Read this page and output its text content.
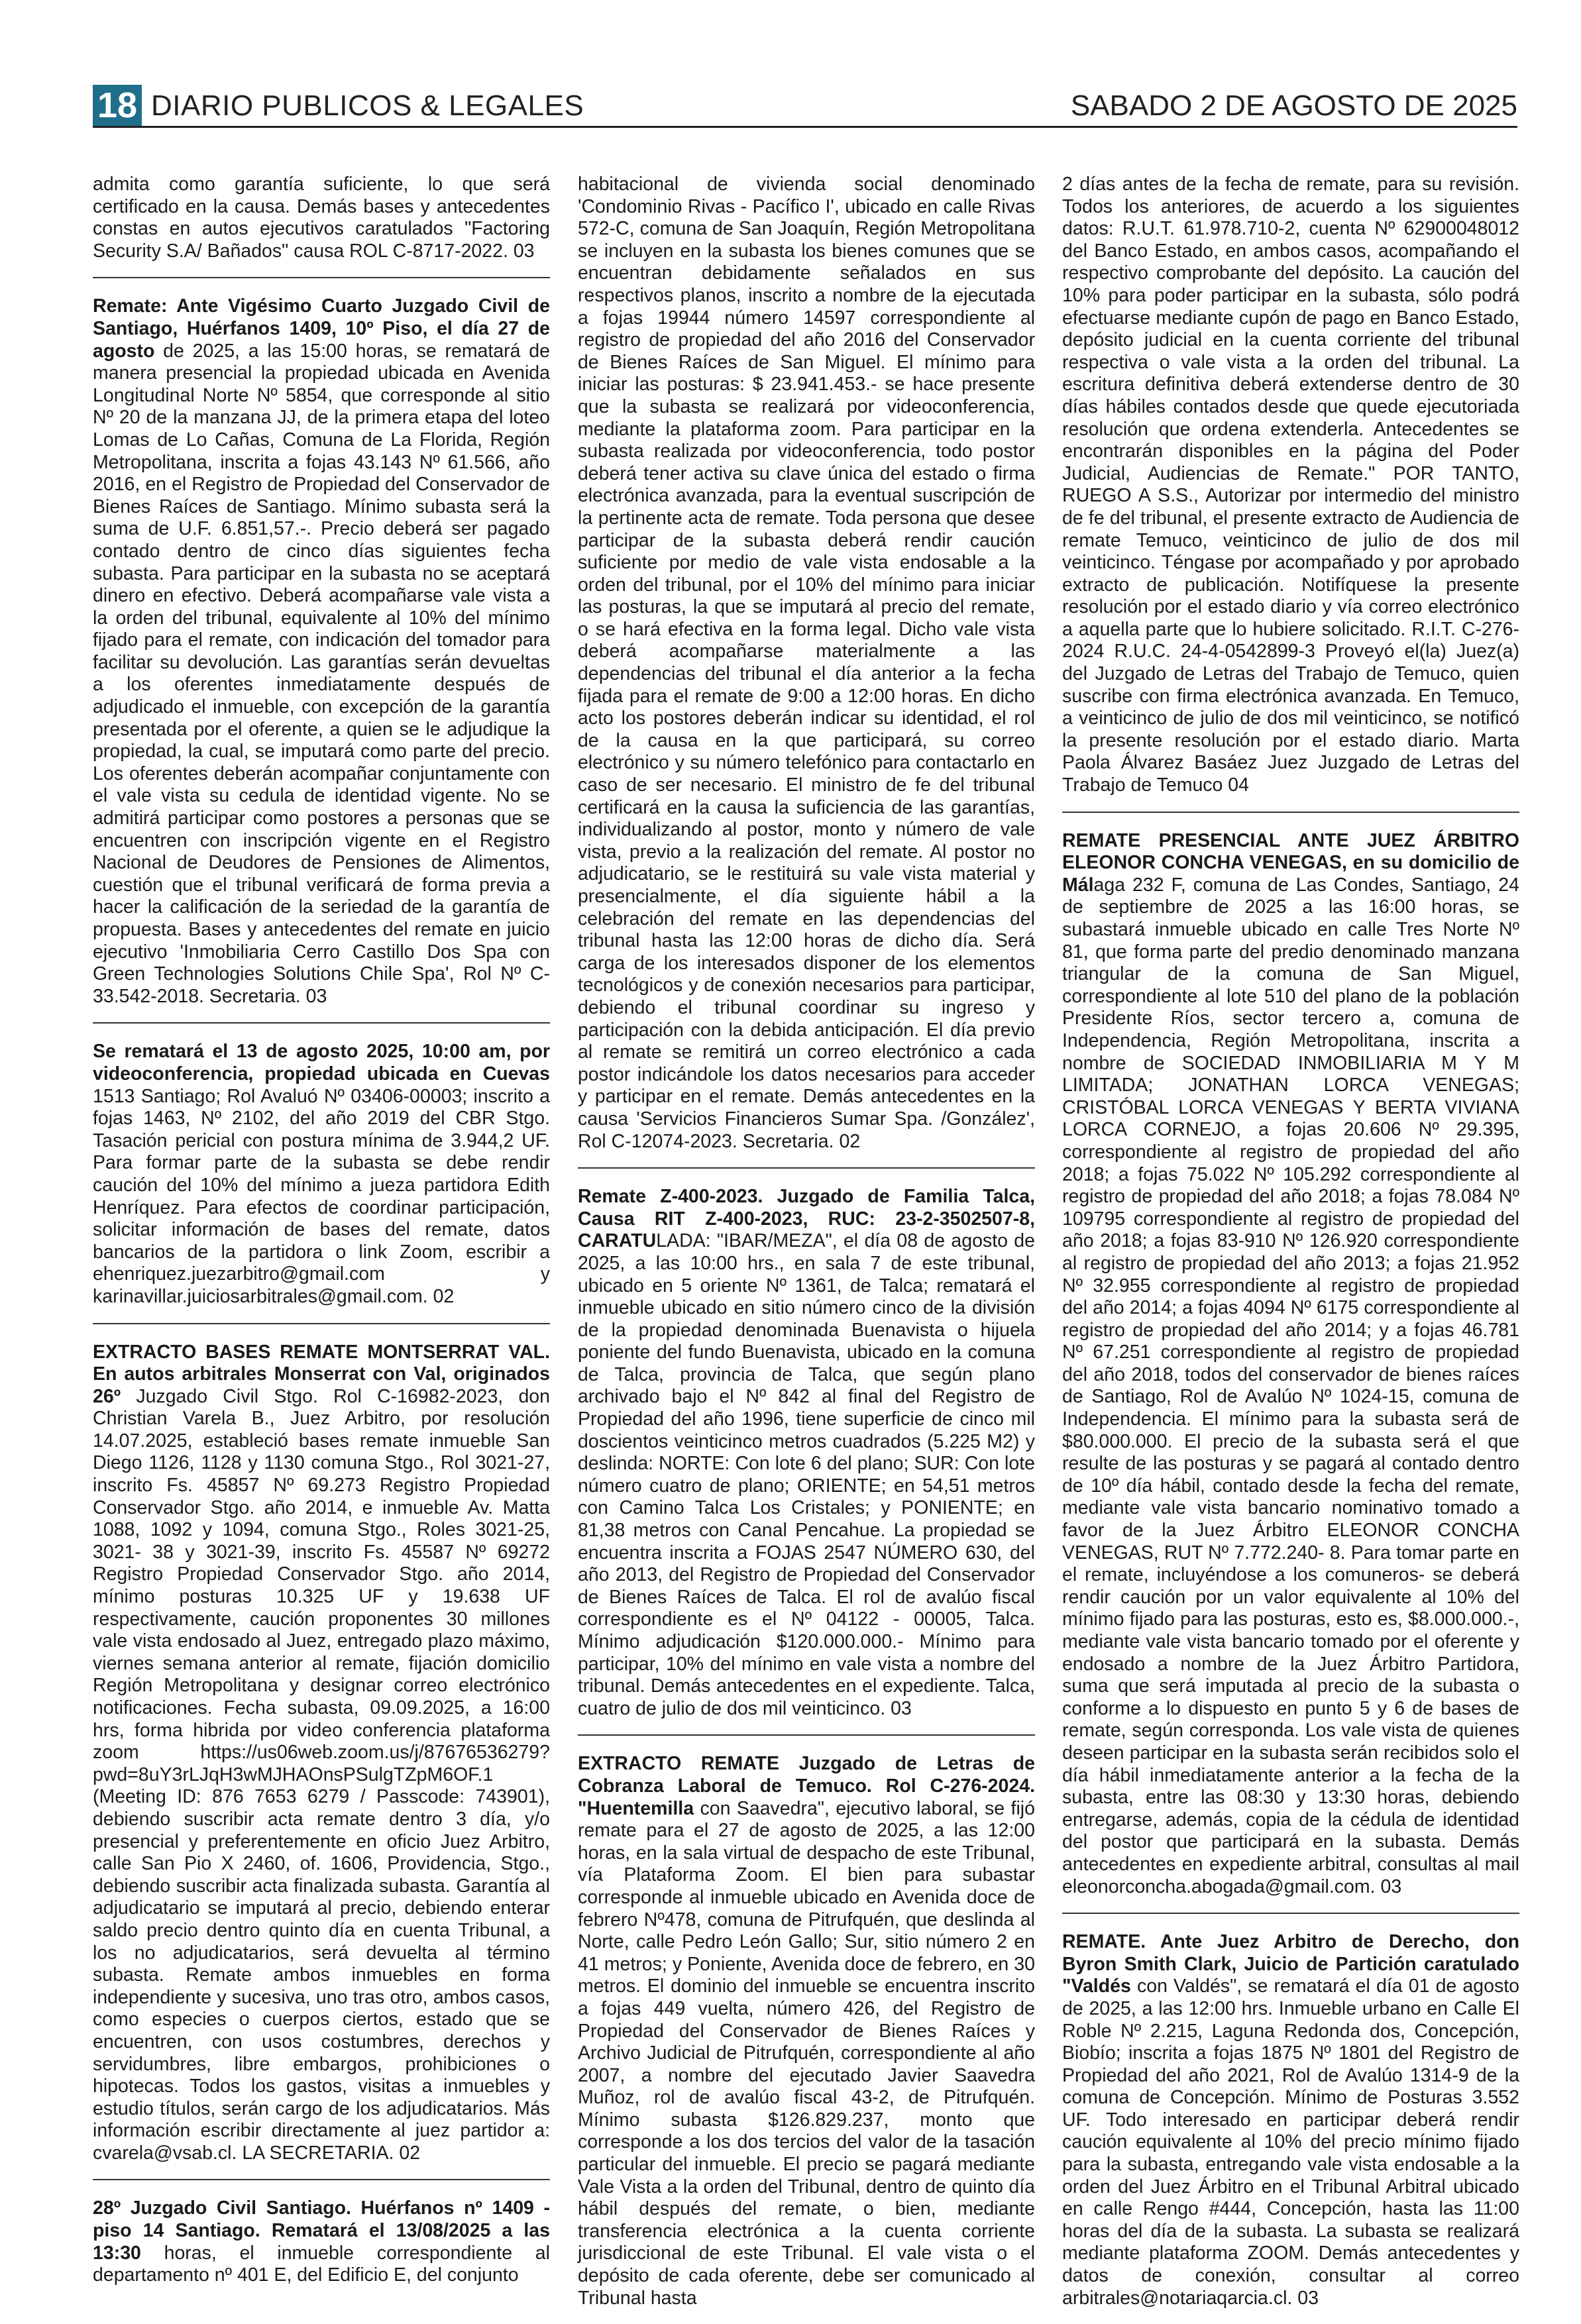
18 DIARIO PUBLICOS & LEGALES	SABADO 2 DE AGOSTO DE 2025
admita como garantía suficiente, lo que será certificado en la causa. Demás bases y antecedentes constas en autos ejecutivos caratulados "Factoring Security S.A/ Bañados" causa ROL C-8717-2022. 03
Remate: Ante Vigésimo Cuarto Juzgado Civil de Santiago, Huérfanos 1409, 10º Piso, el día 27 de agosto de 2025, a las 15:00 horas, se rematará de manera presencial la propiedad ubicada en Avenida Longitudinal Norte Nº 5854, que corresponde al sitio Nº 20 de la manzana JJ, de la primera etapa del loteo Lomas de Lo Cañas, Comuna de La Florida, Región Metropolitana, inscrita a fojas 43.143 Nº 61.566, año 2016, en el Registro de Propiedad del Conservador de Bienes Raíces de Santiago. Mínimo subasta será la suma de U.F. 6.851,57.-. Precio deberá ser pagado contado dentro de cinco días siguientes fecha subasta. Para participar en la subasta no se aceptará dinero en efectivo. Deberá acompañarse vale vista a la orden del tribunal, equivalente al 10% del mínimo fijado para el remate, con indicación del tomador para facilitar su devolución. Las garantías serán devueltas a los oferentes inmediatamente después de adjudicado el inmueble, con excepción de la garantía presentada por el oferente, a quien se le adjudique la propiedad, la cual, se imputará como parte del precio. Los oferentes deberán acompañar conjuntamente con el vale vista su cedula de identidad vigente. No se admitirá participar como postores a personas que se encuentren con inscripción vigente en el Registro Nacional de Deudores de Pensiones de Alimentos, cuestión que el tribunal verificará de forma previa a hacer la calificación de la seriedad de la garantía de propuesta. Bases y antecedentes del remate en juicio ejecutivo 'Inmobiliaria Cerro Castillo Dos Spa con Green Technologies Solutions Chile Spa', Rol Nº C-33.542-2018. Secretaria. 03
Se rematará el 13 de agosto 2025, 10:00 am, por videoconferencia, propiedad ubicada en Cuevas 1513 Santiago; Rol Avaluó Nº 03406-00003; inscrito a fojas 1463, Nº 2102, del año 2019 del CBR Stgo. Tasación pericial con postura mínima de 3.944,2 UF. Para formar parte de la subasta se debe rendir caución del 10% del mínimo a jueza partidora Edith Henríquez. Para efectos de coordinar participación, solicitar información de bases del remate, datos bancarios de la partidora o link Zoom, escribir a ehenriquez.juezarbitro@gmail.com y karinavillar.juiciosarbitrales@gmail.com. 02
EXTRACTO BASES REMATE MONTSERRAT VAL. En autos arbitrales Monserrat con Val, originados 26º Juzgado Civil Stgo. Rol C-16982-2023, don Christian Varela B., Juez Arbitro, por resolución 14.07.2025, estableció bases remate inmueble San Diego 1126, 1128 y 1130 comuna Stgo., Rol 3021-27, inscrito Fs. 45857 Nº 69.273 Registro Propiedad Conservador Stgo. año 2014, e inmueble Av. Matta 1088, 1092 y 1094, comuna Stgo., Roles 3021-25, 3021- 38 y 3021-39, inscrito Fs. 45587 Nº 69272 Registro Propiedad Conservador Stgo. año 2014, mínimo posturas 10.325 UF y 19.638 UF respectivamente, caución proponentes 30 millones vale vista endosado al Juez, entregado plazo máximo, viernes semana anterior al remate, fijación domicilio Región Metropolitana y designar correo electrónico notificaciones. Fecha subasta, 09.09.2025, a 16:00 hrs, forma hibrida por video conferencia plataforma zoom https://us06web.zoom.us/j/87676536279?pwd=8uY3rLJqH3wMJHAOnsPSulgTZpM6OF.1 (Meeting ID: 876 7653 6279 / Passcode: 743901), debiendo suscribir acta remate dentro 3 día, y/o presencial y preferentemente en oficio Juez Arbitro, calle San Pio X 2460, of. 1606, Providencia, Stgo., debiendo suscribir acta finalizada subasta. Garantía al adjudicatario se imputará al precio, debiendo enterar saldo precio dentro quinto día en cuenta Tribunal, a los no adjudicatarios, será devuelta al término subasta. Remate ambos inmuebles en forma independiente y sucesiva, uno tras otro, ambos casos, como especies o cuerpos ciertos, estado que se encuentren, con usos costumbres, derechos y servidumbres, libre embargos, prohibiciones o hipotecas. Todos los gastos, visitas a inmuebles y estudio títulos, serán cargo de los adjudicatarios. Más información escribir directamente al juez partidor a: cvarela@vsab.cl. LA SECRETARIA. 02
28º Juzgado Civil Santiago. Huérfanos nº 1409 - piso 14 Santiago. Rematará el 13/08/2025 a las 13:30 horas, el inmueble correspondiente al departamento nº 401 E, del Edificio E, del conjunto
habitacional de vivienda social denominado 'Condominio Rivas - Pacífico I', ubicado en calle Rivas 572-C, comuna de San Joaquín, Región Metropolitana se incluyen en la subasta los bienes comunes que se encuentran debidamente señalados en sus respectivos planos, inscrito a nombre de la ejecutada a fojas 19944 número 14597 correspondiente al registro de propiedad del año 2016 del Conservador de Bienes Raíces de San Miguel. El mínimo para iniciar las posturas: $ 23.941.453.- se hace presente que la subasta se realizará por videoconferencia, mediante la plataforma zoom. Para participar en la subasta realizada por videoconferencia, todo postor deberá tener activa su clave única del estado o firma electrónica avanzada, para la eventual suscripción de la pertinente acta de remate. Toda persona que desee participar de la subasta deberá rendir caución suficiente por medio de vale vista endosable a la orden del tribunal, por el 10% del mínimo para iniciar las posturas, la que se imputará al precio del remate, o se hará efectiva en la forma legal. Dicho vale vista deberá acompañarse materialmente a las dependencias del tribunal el día anterior a la fecha fijada para el remate de 9:00 a 12:00 horas. En dicho acto los postores deberán indicar su identidad, el rol de la causa en la que participará, su correo electrónico y su número telefónico para contactarlo en caso de ser necesario. El ministro de fe del tribunal certificará en la causa la suficiencia de las garantías, individualizando al postor, monto y número de vale vista, previo a la realización del remate. Al postor no adjudicatario, se le restituirá su vale vista material y presencialmente, el día siguiente hábil a la celebración del remate en las dependencias del tribunal hasta las 12:00 horas de dicho día. Será carga de los interesados disponer de los elementos tecnológicos y de conexión necesarios para participar, debiendo el tribunal coordinar su ingreso y participación con la debida anticipación. El día previo al remate se remitirá un correo electrónico a cada postor indicándole los datos necesarios para acceder y participar en el remate. Demás antecedentes en la causa 'Servicios Financieros Sumar Spa. /González', Rol C-12074-2023. Secretaria. 02
Remate Z-400-2023. Juzgado de Familia Talca, Causa RIT Z-400-2023, RUC: 23-2-3502507-8, CARATULADA: "IBAR/MEZA", el día 08 de agosto de 2025, a las 10:00 hrs., en sala 7 de este tribunal, ubicado en 5 oriente Nº 1361, de Talca; rematará el inmueble ubicado en sitio número cinco de la división de la propiedad denominada Buenavista o hijuela poniente del fundo Buenavista, ubicado en la comuna de Talca, provincia de Talca, que según plano archivado bajo el Nº 842 al final del Registro de Propiedad del año 1996, tiene superficie de cinco mil doscientos veinticinco metros cuadrados (5.225 M2) y deslinda: NORTE: Con lote 6 del plano; SUR: Con lote número cuatro de plano; ORIENTE; en 54,51 metros con Camino Talca Los Cristales; y PONIENTE; en 81,38 metros con Canal Pencahue. La propiedad se encuentra inscrita a FOJAS 2547 NÚMERO 630, del año 2013, del Registro de Propiedad del Conservador de Bienes Raíces de Talca. El rol de avalúo fiscal correspondiente es el Nº 04122 - 00005, Talca. Mínimo adjudicación $120.000.000.- Mínimo para participar, 10% del mínimo en vale vista a nombre del tribunal. Demás antecedentes en el expediente. Talca, cuatro de julio de dos mil veinticinco. 03
EXTRACTO REMATE Juzgado de Letras de Cobranza Laboral de Temuco. Rol C-276-2024. "Huentemilla con Saavedra", ejecutivo laboral, se fijó remate para el 27 de agosto de 2025, a las 12:00 horas, en la sala virtual de despacho de este Tribunal, vía Plataforma Zoom. El bien para subastar corresponde al inmueble ubicado en Avenida doce de febrero Nº478, comuna de Pitrufquén, que deslinda al Norte, calle Pedro León Gallo; Sur, sitio número 2 en 41 metros; y Poniente, Avenida doce de febrero, en 30 metros. El dominio del inmueble se encuentra inscrito a fojas 449 vuelta, número 426, del Registro de Propiedad del Conservador de Bienes Raíces y Archivo Judicial de Pitrufquén, correspondiente al año 2007, a nombre del ejecutado Javier Saavedra Muñoz, rol de avalúo fiscal 43-2, de Pitrufquén. Mínimo subasta $126.829.237, monto que corresponde a los dos tercios del valor de la tasación particular del inmueble. El precio se pagará mediante Vale Vista a la orden del Tribunal, dentro de quinto día hábil después del remate, o bien, mediante transferencia electrónica a la cuenta corriente jurisdiccional de este Tribunal. El vale vista o el depósito de cada oferente, debe ser comunicado al Tribunal hasta
2 días antes de la fecha de remate, para su revisión. Todos los anteriores, de acuerdo a los siguientes datos: R.U.T. 61.978.710-2, cuenta Nº 62900048012 del Banco Estado, en ambos casos, acompañando el respectivo comprobante del depósito. La caución del 10% para poder participar en la subasta, sólo podrá efectuarse mediante cupón de pago en Banco Estado, depósito judicial en la cuenta corriente del tribunal respectiva o vale vista a la orden del tribunal. La escritura definitiva deberá extenderse dentro de 30 días hábiles contados desde que quede ejecutoriada resolución que ordena extenderla. Antecedentes se encontrarán disponibles en la página del Poder Judicial, Audiencias de Remate." POR TANTO, RUEGO A S.S., Autorizar por intermedio del ministro de fe del tribunal, el presente extracto de Audiencia de remate Temuco, veinticinco de julio de dos mil veinticinco. Téngase por acompañado y por aprobado extracto de publicación. Notifíquese la presente resolución por el estado diario y vía correo electrónico a aquella parte que lo hubiere solicitado. R.I.T. C-276-2024 R.U.C. 24-4-0542899-3 Proveyó el(la) Juez(a) del Juzgado de Letras del Trabajo de Temuco, quien suscribe con firma electrónica avanzada. En Temuco, a veinticinco de julio de dos mil veinticinco, se notificó la presente resolución por el estado diario. Marta Paola Álvarez Basáez Juez Juzgado de Letras del Trabajo de Temuco 04
REMATE PRESENCIAL ANTE JUEZ ÁRBITRO ELEONOR CONCHA VENEGAS, en su domicilio de Málaga 232 F, comuna de Las Condes, Santiago, 24 de septiembre de 2025 a las 16:00 horas, se subastará inmueble ubicado en calle Tres Norte Nº 81, que forma parte del predio denominado manzana triangular de la comuna de San Miguel, correspondiente al lote 510 del plano de la población Presidente Ríos, sector tercero a, comuna de Independencia, Región Metropolitana, inscrita a nombre de SOCIEDAD INMOBILIARIA M Y M LIMITADA; JONATHAN LORCA VENEGAS; CRISTÓBAL LORCA VENEGAS Y BERTA VIVIANA LORCA CORNEJO, a fojas 20.606 Nº 29.395, correspondiente al registro de propiedad del año 2018; a fojas 75.022 Nº 105.292 correspondiente al registro de propiedad del año 2018; a fojas 78.084 Nº 109795 correspondiente al registro de propiedad del año 2018; a fojas 83-910 Nº 126.920 correspondiente al registro de propiedad del año 2013; a fojas 21.952 Nº 32.955 correspondiente al registro de propiedad del año 2014; a fojas 4094 Nº 6175 correspondiente al registro de propiedad del año 2014; y a fojas 46.781 Nº 67.251 correspondiente al registro de propiedad del año 2018, todos del conservador de bienes raíces de Santiago, Rol de Avalúo Nº 1024-15, comuna de Independencia. El mínimo para la subasta será de $80.000.000. El precio de la subasta será el que resulte de las posturas y se pagará al contado dentro de 10º día hábil, contado desde la fecha del remate, mediante vale vista bancario nominativo tomado a favor de la Juez Árbitro ELEONOR CONCHA VENEGAS, RUT Nº 7.772.240- 8. Para tomar parte en el remate, incluyéndose a los comuneros- se deberá rendir caución por un valor equivalente al 10% del mínimo fijado para las posturas, esto es, $8.000.000.-, mediante vale vista bancario tomado por el oferente y endosado a nombre de la Juez Árbitro Partidora, suma que será imputada al precio de la subasta o conforme a lo dispuesto en punto 5 y 6 de bases de remate, según corresponda. Los vale vista de quienes deseen participar en la subasta serán recibidos solo el día hábil inmediatamente anterior a la fecha de la subasta, entre las 08:30 y 13:30 horas, debiendo entregarse, además, copia de la cédula de identidad del postor que participará en la subasta. Demás antecedentes en expediente arbitral, consultas al mail eleonorconcha.abogada@gmail.com. 03
REMATE. Ante Juez Arbitro de Derecho, don Byron Smith Clark, Juicio de Partición caratulado "Valdés con Valdés", se rematará el día 01 de agosto de 2025, a las 12:00 hrs. Inmueble urbano en Calle El Roble Nº 2.215, Laguna Redonda dos, Concepción, Biobío; inscrita a fojas 1875 Nº 1801 del Registro de Propiedad del año 2021, Rol de Avalúo 1314-9 de la comuna de Concepción. Mínimo de Posturas 3.552 UF. Todo interesado en participar deberá rendir caución equivalente al 10% del precio mínimo fijado para la subasta, entregando vale vista endosable a la orden del Juez Árbitro en el Tribunal Arbitral ubicado en calle Rengo #444, Concepción, hasta las 11:00 horas del día de la subasta. La subasta se realizará mediante plataforma ZOOM. Demás antecedentes y datos de conexión, consultar al correo arbitrales@notariaqarcia.cl. 03
